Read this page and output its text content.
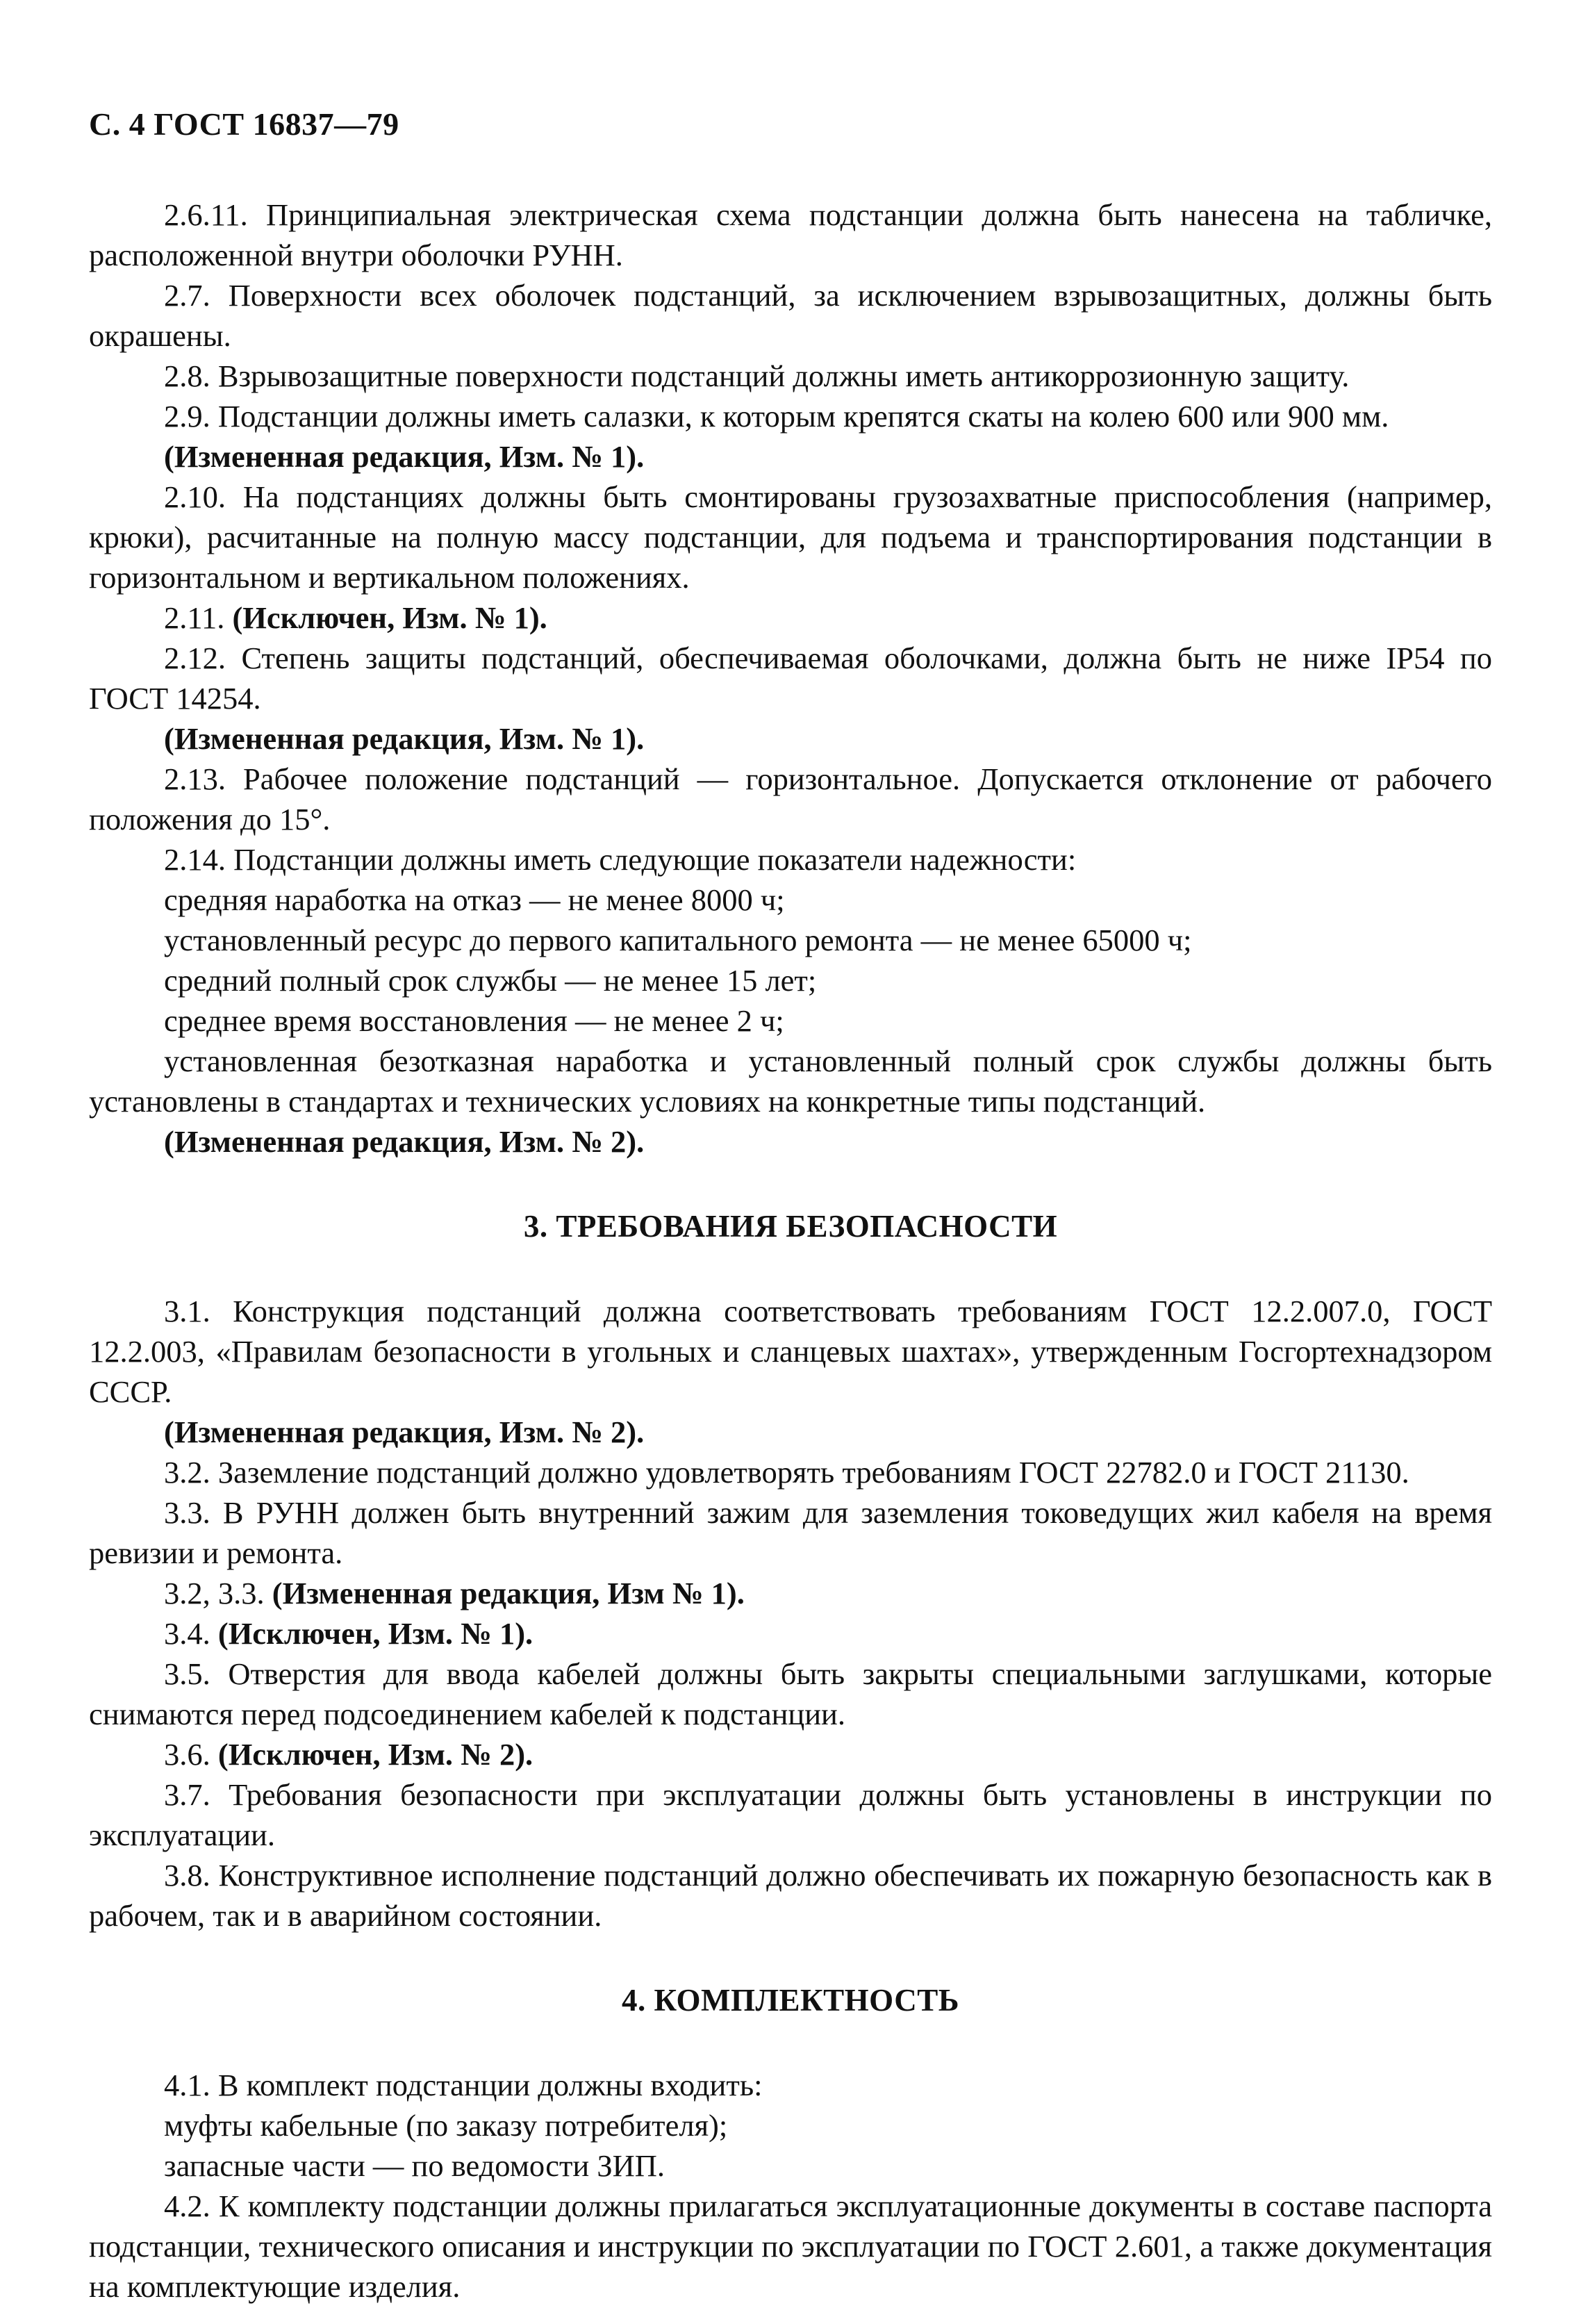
С. 4 ГОСТ 16837—79

2.6.11. Принципиальная электрическая схема подстанции должна быть нанесена на табличке, расположенной внутри оболочки РУНН.

2.7. Поверхности всех оболочек подстанций, за исключением взрывозащитных, должны быть окрашены.

2.8. Взрывозащитные поверхности подстанций должны иметь антикоррозионную защиту.

2.9. Подстанции должны иметь салазки, к которым крепятся скаты на колею 600 или 900 мм.

(Измененная редакция, Изм. № 1).

2.10. На подстанциях должны быть смонтированы грузозахватные приспособления (например, крюки), расчитанные на полную массу подстанции, для подъема и транспортирования подстанции в горизонтальном и вертикальном положениях.

2.11. (Исключен, Изм. № 1).

2.12. Степень защиты подстанций, обеспечиваемая оболочками, должна быть не ниже IP54 по ГОСТ 14254.

(Измененная редакция, Изм. № 1).

2.13. Рабочее положение подстанций — горизонтальное. Допускается отклонение от рабочего положения до 15°.

2.14. Подстанции должны иметь следующие показатели надежности:

средняя наработка на отказ — не менее 8000 ч;

установленный ресурс до первого капитального ремонта — не менее 65000 ч;

средний полный срок службы — не менее 15 лет;

среднее время восстановления — не менее 2 ч;

установленная безотказная наработка и установленный полный срок службы должны быть установлены в стандартах и технических условиях на конкретные типы подстанций.

(Измененная редакция, Изм. № 2).

3. ТРЕБОВАНИЯ БЕЗОПАСНОСТИ

3.1. Конструкция подстанций должна соответствовать требованиям ГОСТ 12.2.007.0, ГОСТ 12.2.003, «Правилам безопасности в угольных и сланцевых шахтах», утвержденным Госгортехнадзором СССР.

(Измененная редакция, Изм. № 2).

3.2. Заземление подстанций должно удовлетворять требованиям ГОСТ 22782.0 и ГОСТ 21130.

3.3. В РУНН должен быть внутренний зажим для заземления токоведущих жил кабеля на время ревизии и ремонта.

3.2, 3.3. (Измененная редакция, Изм № 1).

3.4. (Исключен, Изм. № 1).

3.5. Отверстия для ввода кабелей должны быть закрыты специальными заглушками, которые снимаются перед подсоединением кабелей к подстанции.

3.6. (Исключен, Изм. № 2).

3.7. Требования безопасности при эксплуатации должны быть установлены в инструкции по эксплуатации.

3.8. Конструктивное исполнение подстанций должно обеспечивать их пожарную безопасность как в рабочем, так и в аварийном состоянии.

4. КОМПЛЕКТНОСТЬ

4.1. В комплект подстанции должны входить:

муфты кабельные (по заказу потребителя);

запасные части — по ведомости ЗИП.

4.2. К комплекту подстанции должны прилагаться эксплуатационные документы в составе паспорта подстанции, технического описания и инструкции по эксплуатации по ГОСТ 2.601, а также документация на комплектующие изделия.
